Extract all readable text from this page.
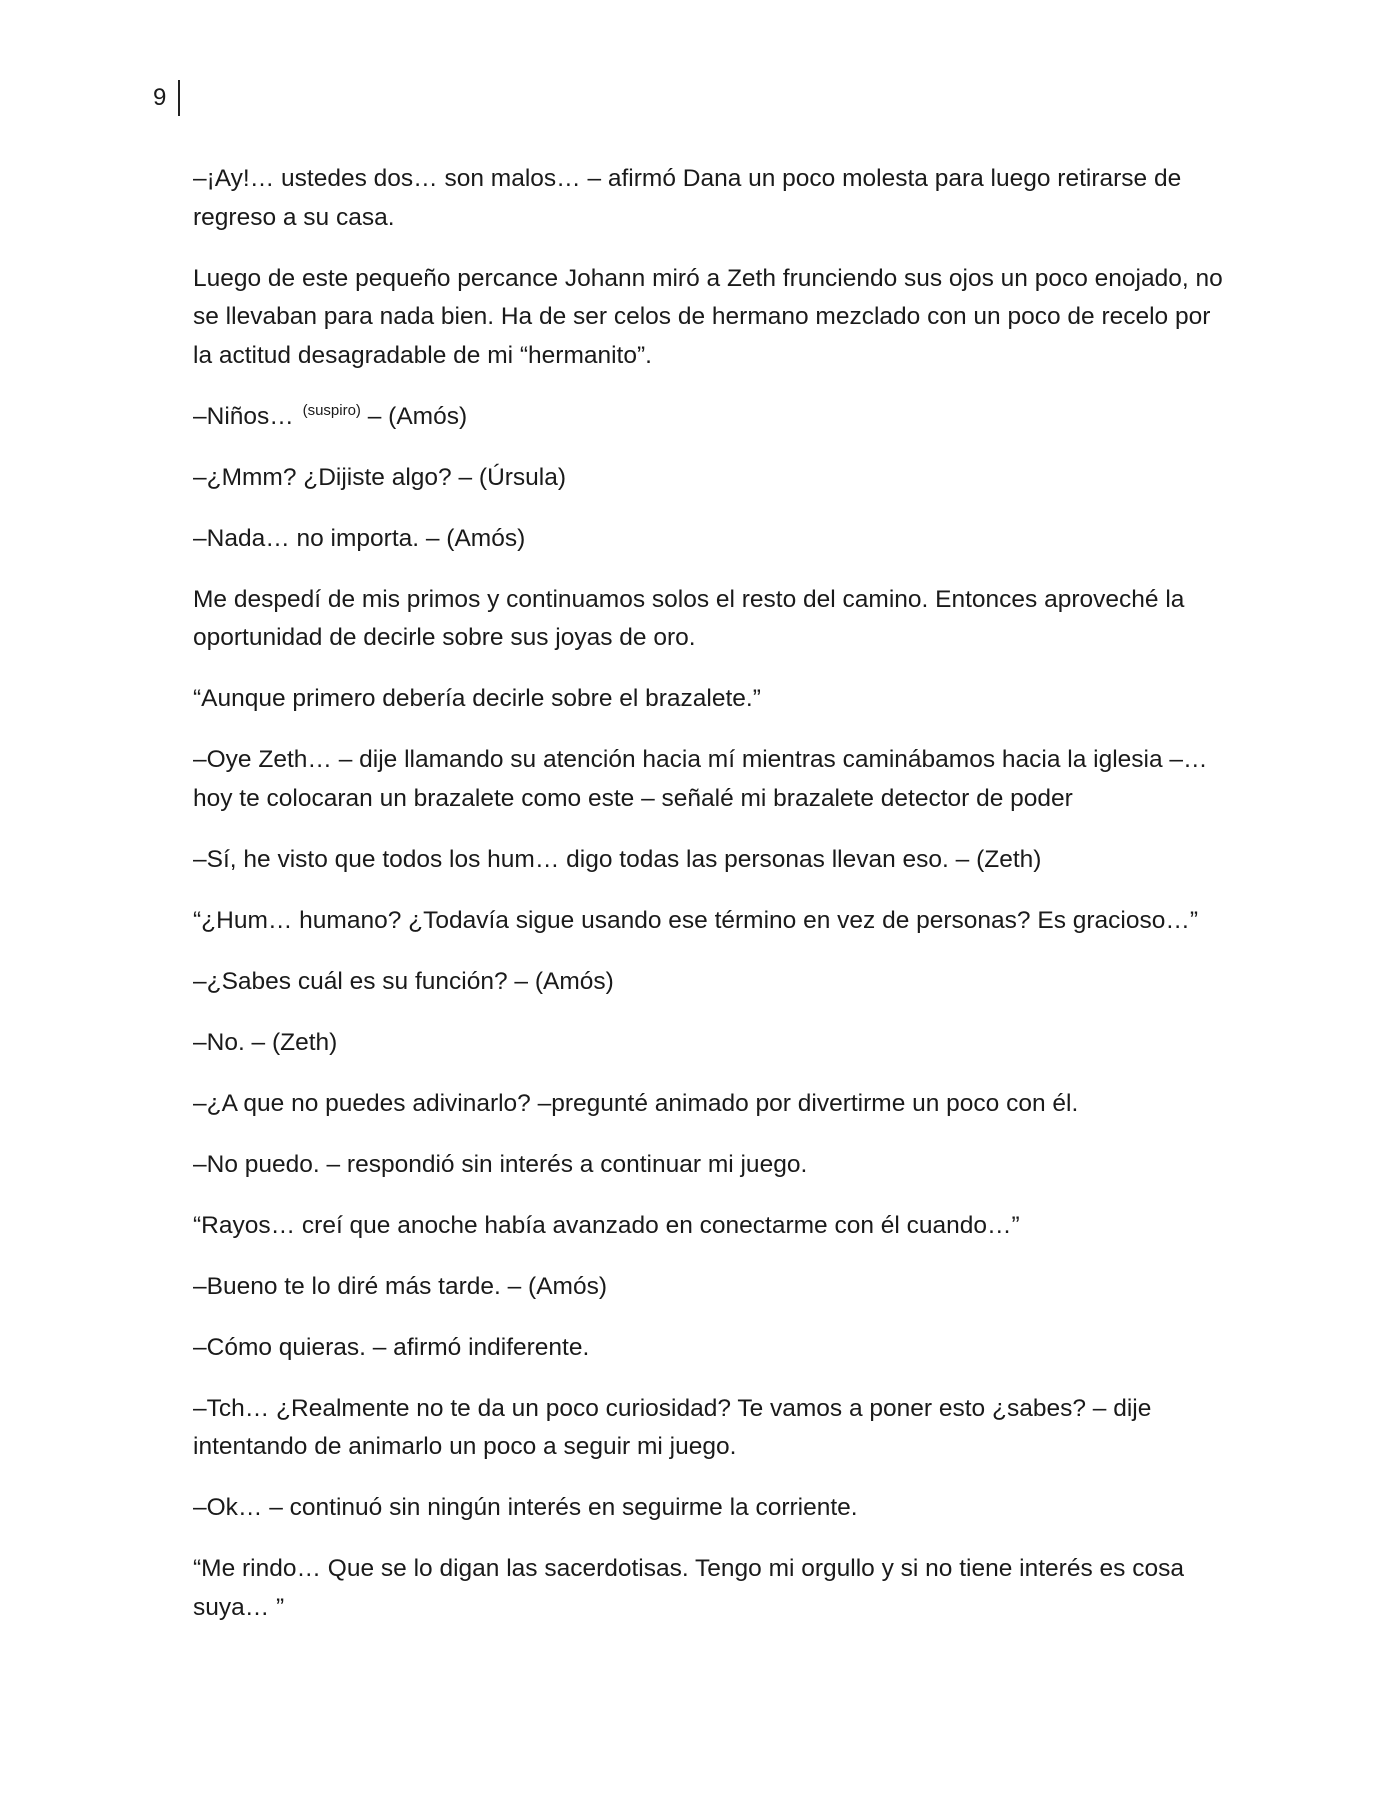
9

–¡Ay!… ustedes dos… son malos… – afirmó Dana un poco molesta para luego retirarse de regreso a su casa.

Luego de este pequeño percance Johann miró a Zeth frunciendo sus ojos un poco enojado, no se llevaban para nada bien. Ha de ser celos de hermano mezclado con un poco de recelo por la actitud desagradable de mi “hermanito”.

–Niños… $^{(suspiro)}$ – (Amós)

–¿Mmm? ¿Dijiste algo? – (Úrsula)

–Nada… no importa. – (Amós)

Me despedí de mis primos y continuamos solos el resto del camino. Entonces aproveché la oportunidad de decirle sobre sus joyas de oro.

“Aunque primero debería decirle sobre el brazalete.”

–Oye Zeth… – dije llamando su atención hacia mí mientras caminábamos hacia la iglesia –… hoy te colocaran un brazalete como este – señalé mi brazalete detector de poder

–Sí, he visto que todos los hum… digo todas las personas llevan eso. – (Zeth)

“¿Hum… humano? ¿Todavía sigue usando ese término en vez de personas? Es gracioso…”

–¿Sabes cuál es su función? – (Amós)

–No. – (Zeth)

–¿A que no puedes adivinarlo? –pregunté animado por divertirme un poco con él.

–No puedo. – respondió sin interés a continuar mi juego.

“Rayos… creí que anoche había avanzado en conectarme con él cuando…”

–Bueno te lo diré más tarde. – (Amós)

–Cómo quieras. – afirmó indiferente.

–Tch… ¿Realmente no te da un poco curiosidad? Te vamos a poner esto ¿sabes? – dije intentando de animarlo un poco a seguir mi juego.

–Ok… – continuó sin ningún interés en seguirme la corriente.

“Me rindo… Que se lo digan las sacerdotisas. Tengo mi orgullo y si no tiene interés es cosa suya… ”
